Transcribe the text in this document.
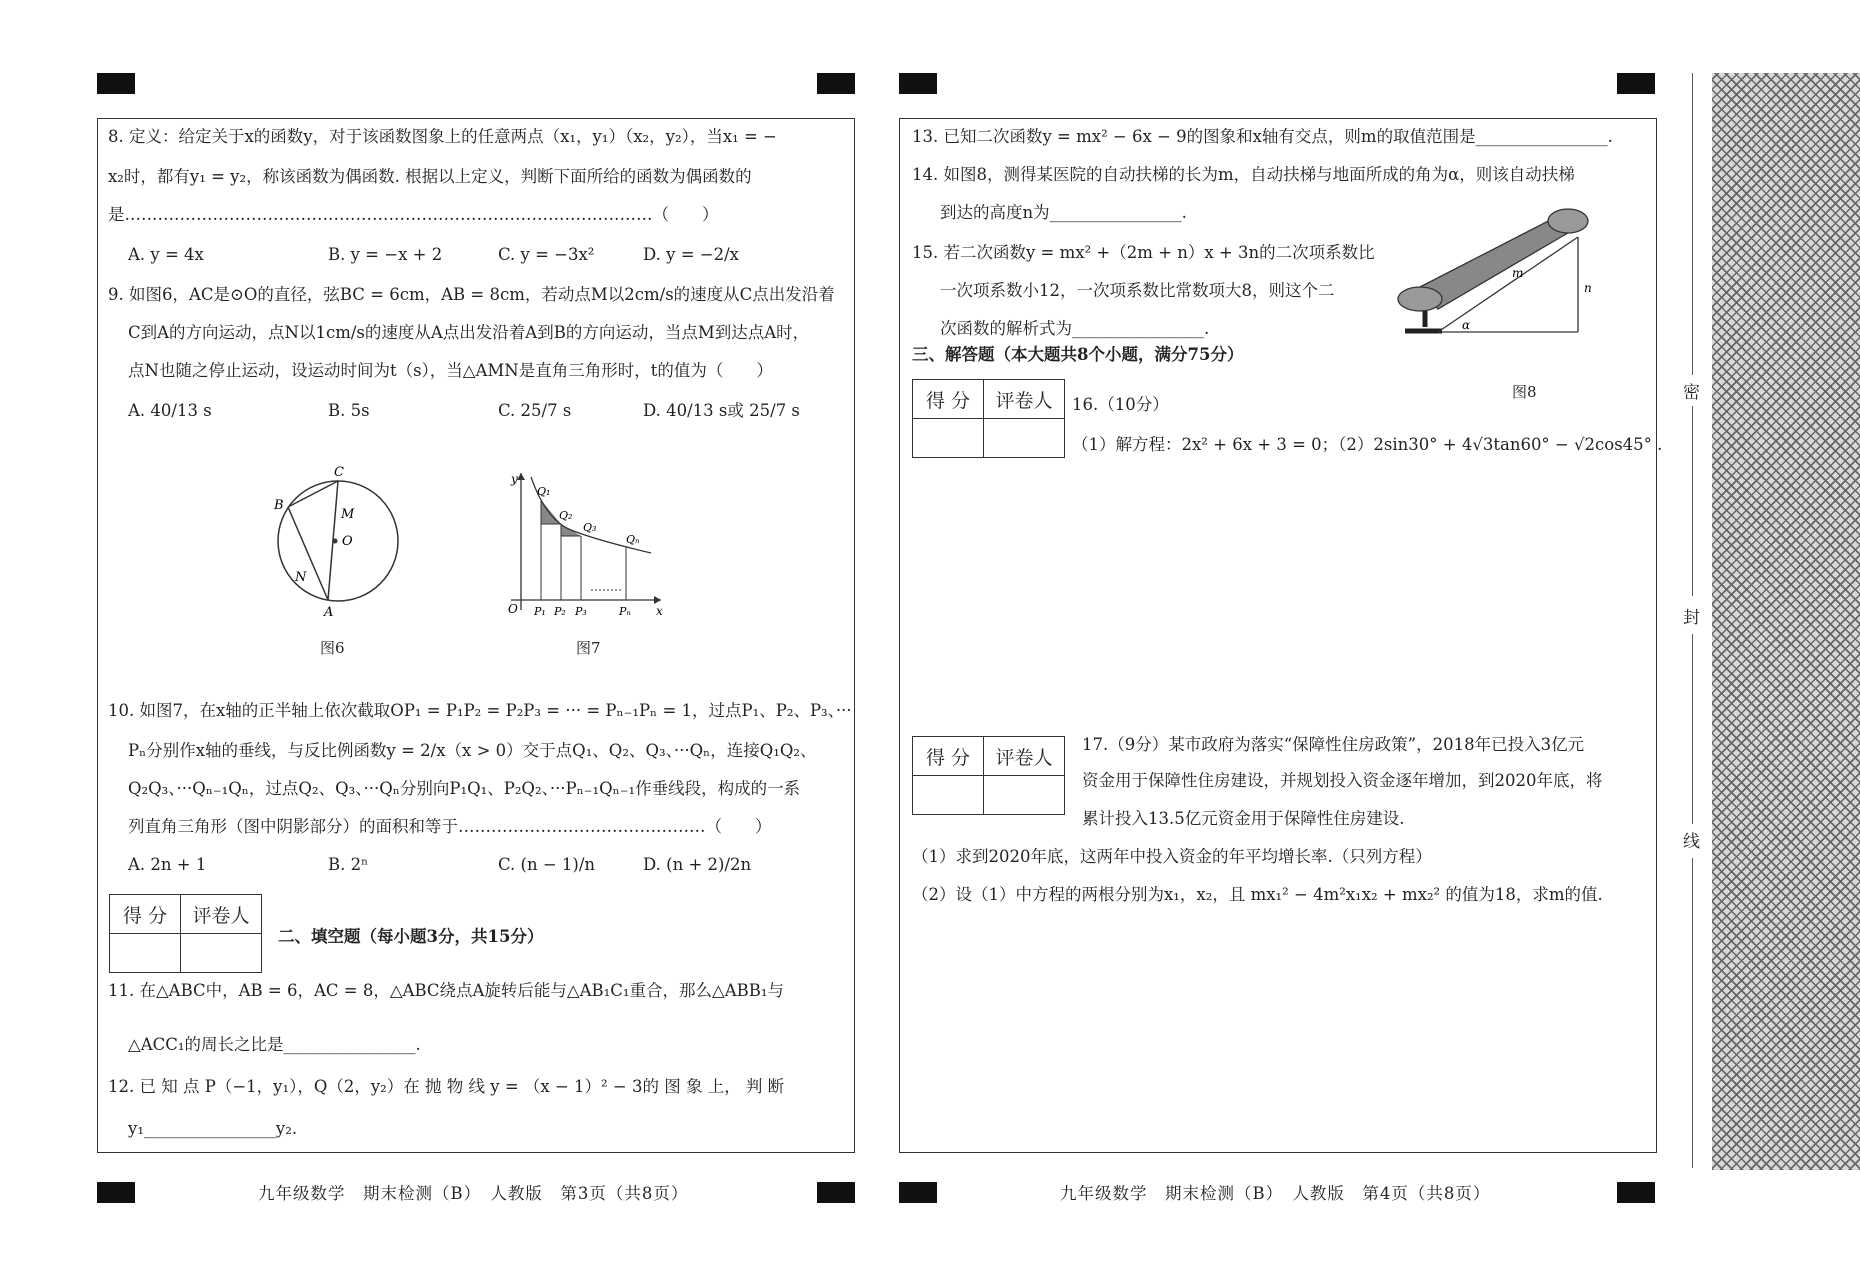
8. 定义：给定关于x的函数y，对于该函数图象上的任意两点（x₁，y₁）（x₂，y₂），当x₁ = −
x₂时，都有y₁ = y₂，称该函数为偶函数. 根据以上定义，判断下面所给的函数为偶函数的
是……………………………………………………………………………………（　　）
A. y = 4x	B. y = −x + 2	C. y = −3x²	D. y = −2/x
9. 如图6，AC是⊙O的直径，弦BC = 6cm，AB = 8cm，若动点M以2cm/s的速度从C点出发沿着
C到A的方向运动，点N以1cm/s的速度从A点出发沿着A到B的方向运动，当点M到达点A时，
点N也随之停止运动，设运动时间为t（s），当△AMN是直角三角形时，t的值为（　　）
A. 40/13 s	B. 5s	C. 25/7 s	D. 40/13 s或 25/7 s
C
B
M
O
N
A
图6
y
x
O
Q₁
Q₂
Q₃
Qₙ
P₁ P₂ P₃	Pₙ
图7
10. 如图7，在x轴的正半轴上依次截取OP₁ = P₁P₂ = P₂P₃ = ··· = Pₙ₋₁Pₙ = 1，过点P₁、P₂、P₃、···
Pₙ分别作x轴的垂线，与反比例函数y = 2/x（x > 0）交于点Q₁、Q₂、Q₃、···Qₙ，连接Q₁Q₂、
Q₂Q₃、···Qₙ₋₁Qₙ，过点Q₂、Q₃、···Qₙ分别向P₁Q₁、P₂Q₂、···Pₙ₋₁Qₙ₋₁作垂线段，构成的一系
列直角三角形（图中阴影部分）的面积和等于………………………………………（　　）
A. 2n + 1	B. 2ⁿ	C. (n − 1)/n	D. (n + 2)/2n
得 分	评卷人

二、填空题（每小题3分，共15分）
11. 在△ABC中，AB = 6，AC = 8，△ABC绕点A旋转后能与△AB₁C₁重合，那么△ABB₁与
△ACC₁的周长之比是________________.
12. 已 知 点 P（−1，y₁），Q（2，y₂）在 抛 物 线 y = （x − 1）² − 3的 图 象 上， 判 断
y₁________________y₂.
九年级数学　期末检测（B）　人教版　第3页（共8页）
13. 已知二次函数y = mx² − 6x − 9的图象和x轴有交点，则m的取值范围是________________.
14. 如图8，测得某医院的自动扶梯的长为m，自动扶梯与地面所成的角为α，则该自动扶梯
到达的高度n为________________.
15. 若二次函数y = mx² +（2m + n）x + 3n的二次项系数比
一次项系数小12，一次项系数比常数项大8，则这个二
次函数的解析式为________________.
m
n
α
图8
三、解答题（本大题共8个小题，满分75分）
得 分	评卷人
	16.（10分）
（1）解方程：2x² + 6x + 3 = 0；（2）2sin30° + 4√3tan60° − √2cos45° .
得 分	评卷人

17.（9分）某市政府为落实“保障性住房政策”，2018年已投入3亿元
资金用于保障性住房建设，并规划投入资金逐年增加，到2020年底，将
累计投入13.5亿元资金用于保障性住房建设.
（1）求到2020年底，这两年中投入资金的年平均增长率.（只列方程）
（2）设（1）中方程的两根分别为x₁，x₂，且 mx₁² − 4m²x₁x₂ + mx₂² 的值为18，求m的值.
九年级数学　期末检测（B）　人教版　第4页（共8页）
密
封
线
